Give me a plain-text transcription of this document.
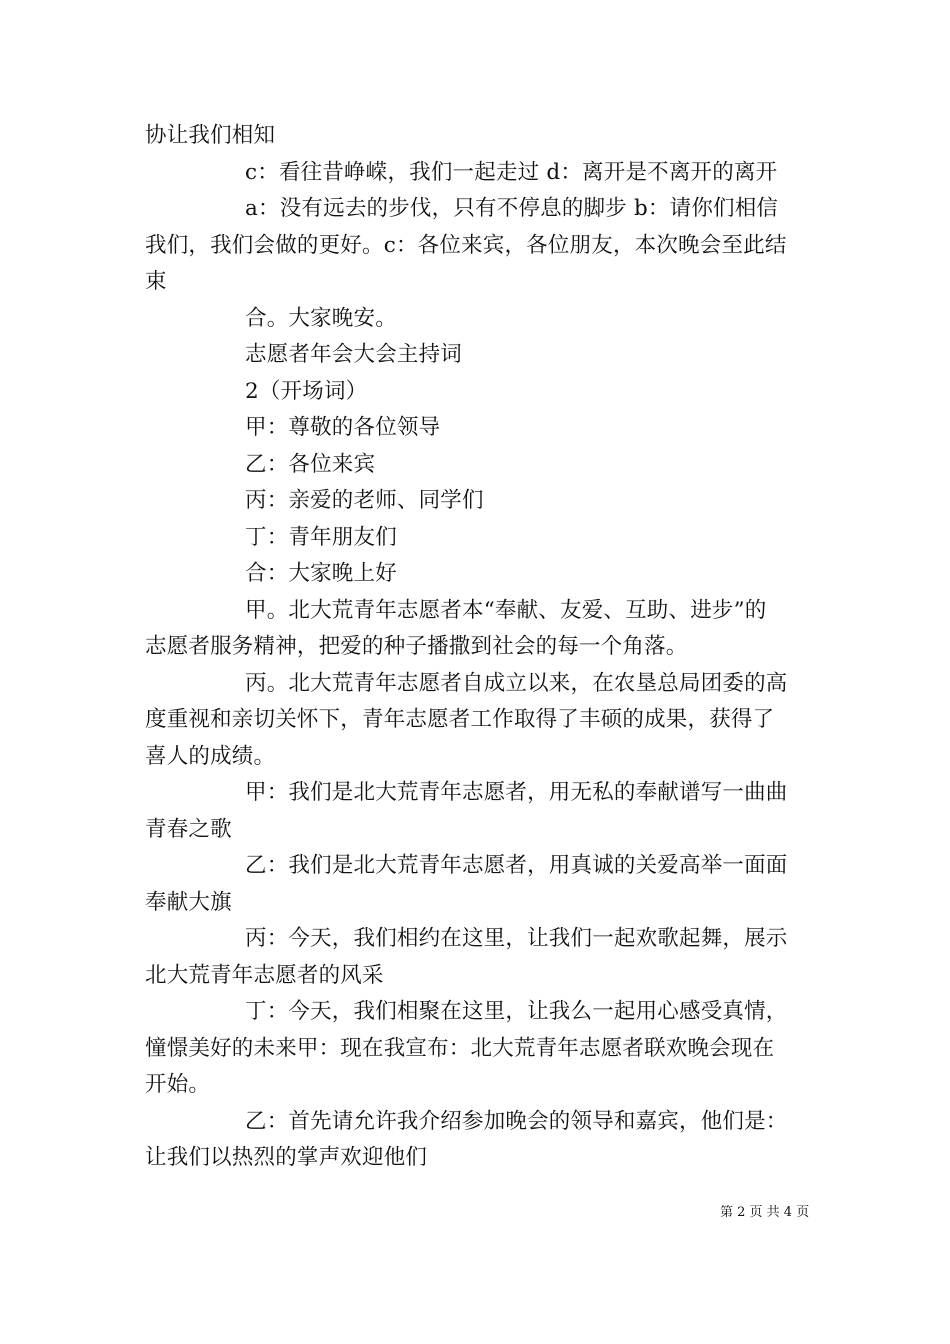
协让我们相知
c：看往昔峥嵘，我们一起走过 d：离开是不离开的离开
a：没有远去的步伐，只有不停息的脚步 b：请你们相信
我们，我们会做的更好。c：各位来宾，各位朋友，本次晚会至此结
束
合。大家晚安。
志愿者年会大会主持词
2（开场词）
甲：尊敬的各位领导
乙：各位来宾
丙：亲爱的老师、同学们
丁：青年朋友们
合：大家晚上好
甲。北大荒青年志愿者本“奉献、友爱、互助、进步”的
志愿者服务精神，把爱的种子播撒到社会的每一个角落。
丙。北大荒青年志愿者自成立以来，在农垦总局团委的高
度重视和亲切关怀下，青年志愿者工作取得了丰硕的成果，获得了
喜人的成绩。
甲：我们是北大荒青年志愿者，用无私的奉献谱写一曲曲
青春之歌
乙：我们是北大荒青年志愿者，用真诚的关爱高举一面面
奉献大旗
丙：今天，我们相约在这里，让我们一起欢歌起舞，展示
北大荒青年志愿者的风采
丁：今天，我们相聚在这里，让我么一起用心感受真情，
憧憬美好的未来甲：现在我宣布：北大荒青年志愿者联欢晚会现在
开始。
乙：首先请允许我介绍参加晚会的领导和嘉宾，他们是：
让我们以热烈的掌声欢迎他们
第 2 页 共 4 页
